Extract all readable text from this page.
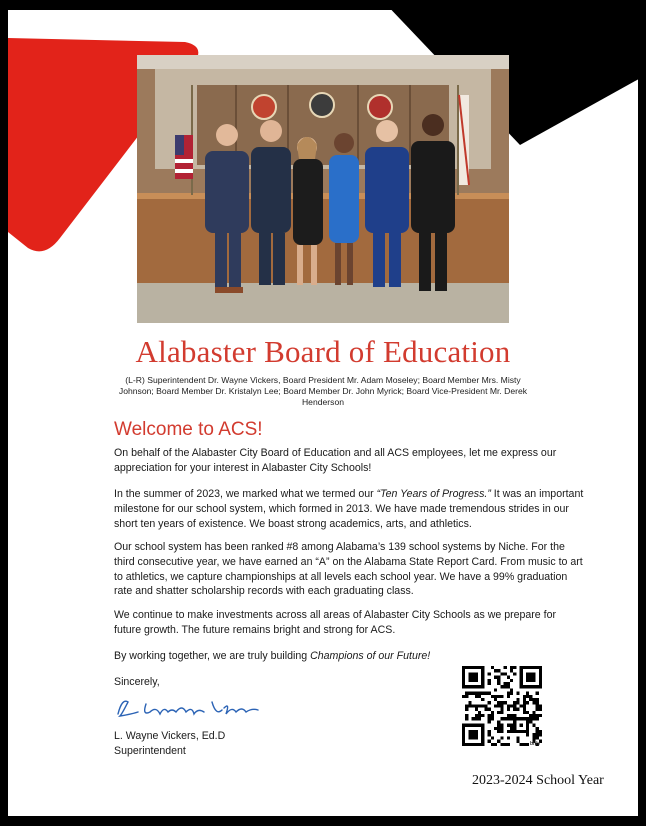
Alabaster Board of Education
(L-R) Superintendent Dr. Wayne Vickers, Board President Mr. Adam Moseley; Board Member Mrs. Misty Johnson; Board Member Dr. Kristalyn Lee; Board Member Dr. John Myrick; Board Vice-President Mr. Derek Henderson
Welcome to ACS!
On behalf of the Alabaster City Board of Education and all ACS employees, let me express our appreciation for your interest in Alabaster City Schools!
In the summer of 2023, we marked what we termed our “Ten Years of Progress.” It was an important milestone for our school system, which formed in 2013. We have made tremendous strides in our short ten years of existence. We boast strong academics, arts, and athletics.
Our school system has been ranked #8 among Alabama’s 139 school systems by Niche. For the third consecutive year, we have earned an “A” on the Alabama State Report Card. From music to art to athletics, we capture championships at all levels each school year. We have a 99% graduation rate and shatter scholarship records with each graduating class.
We continue to make investments across all areas of Alabaster City Schools as we prepare for future growth. The future remains bright and strong for ACS.
By working together, we are truly building Champions of our Future!
Sincerely,
L. Wayne Vickers, Ed.D
Superintendent
bitly
2023-2024 School Year
